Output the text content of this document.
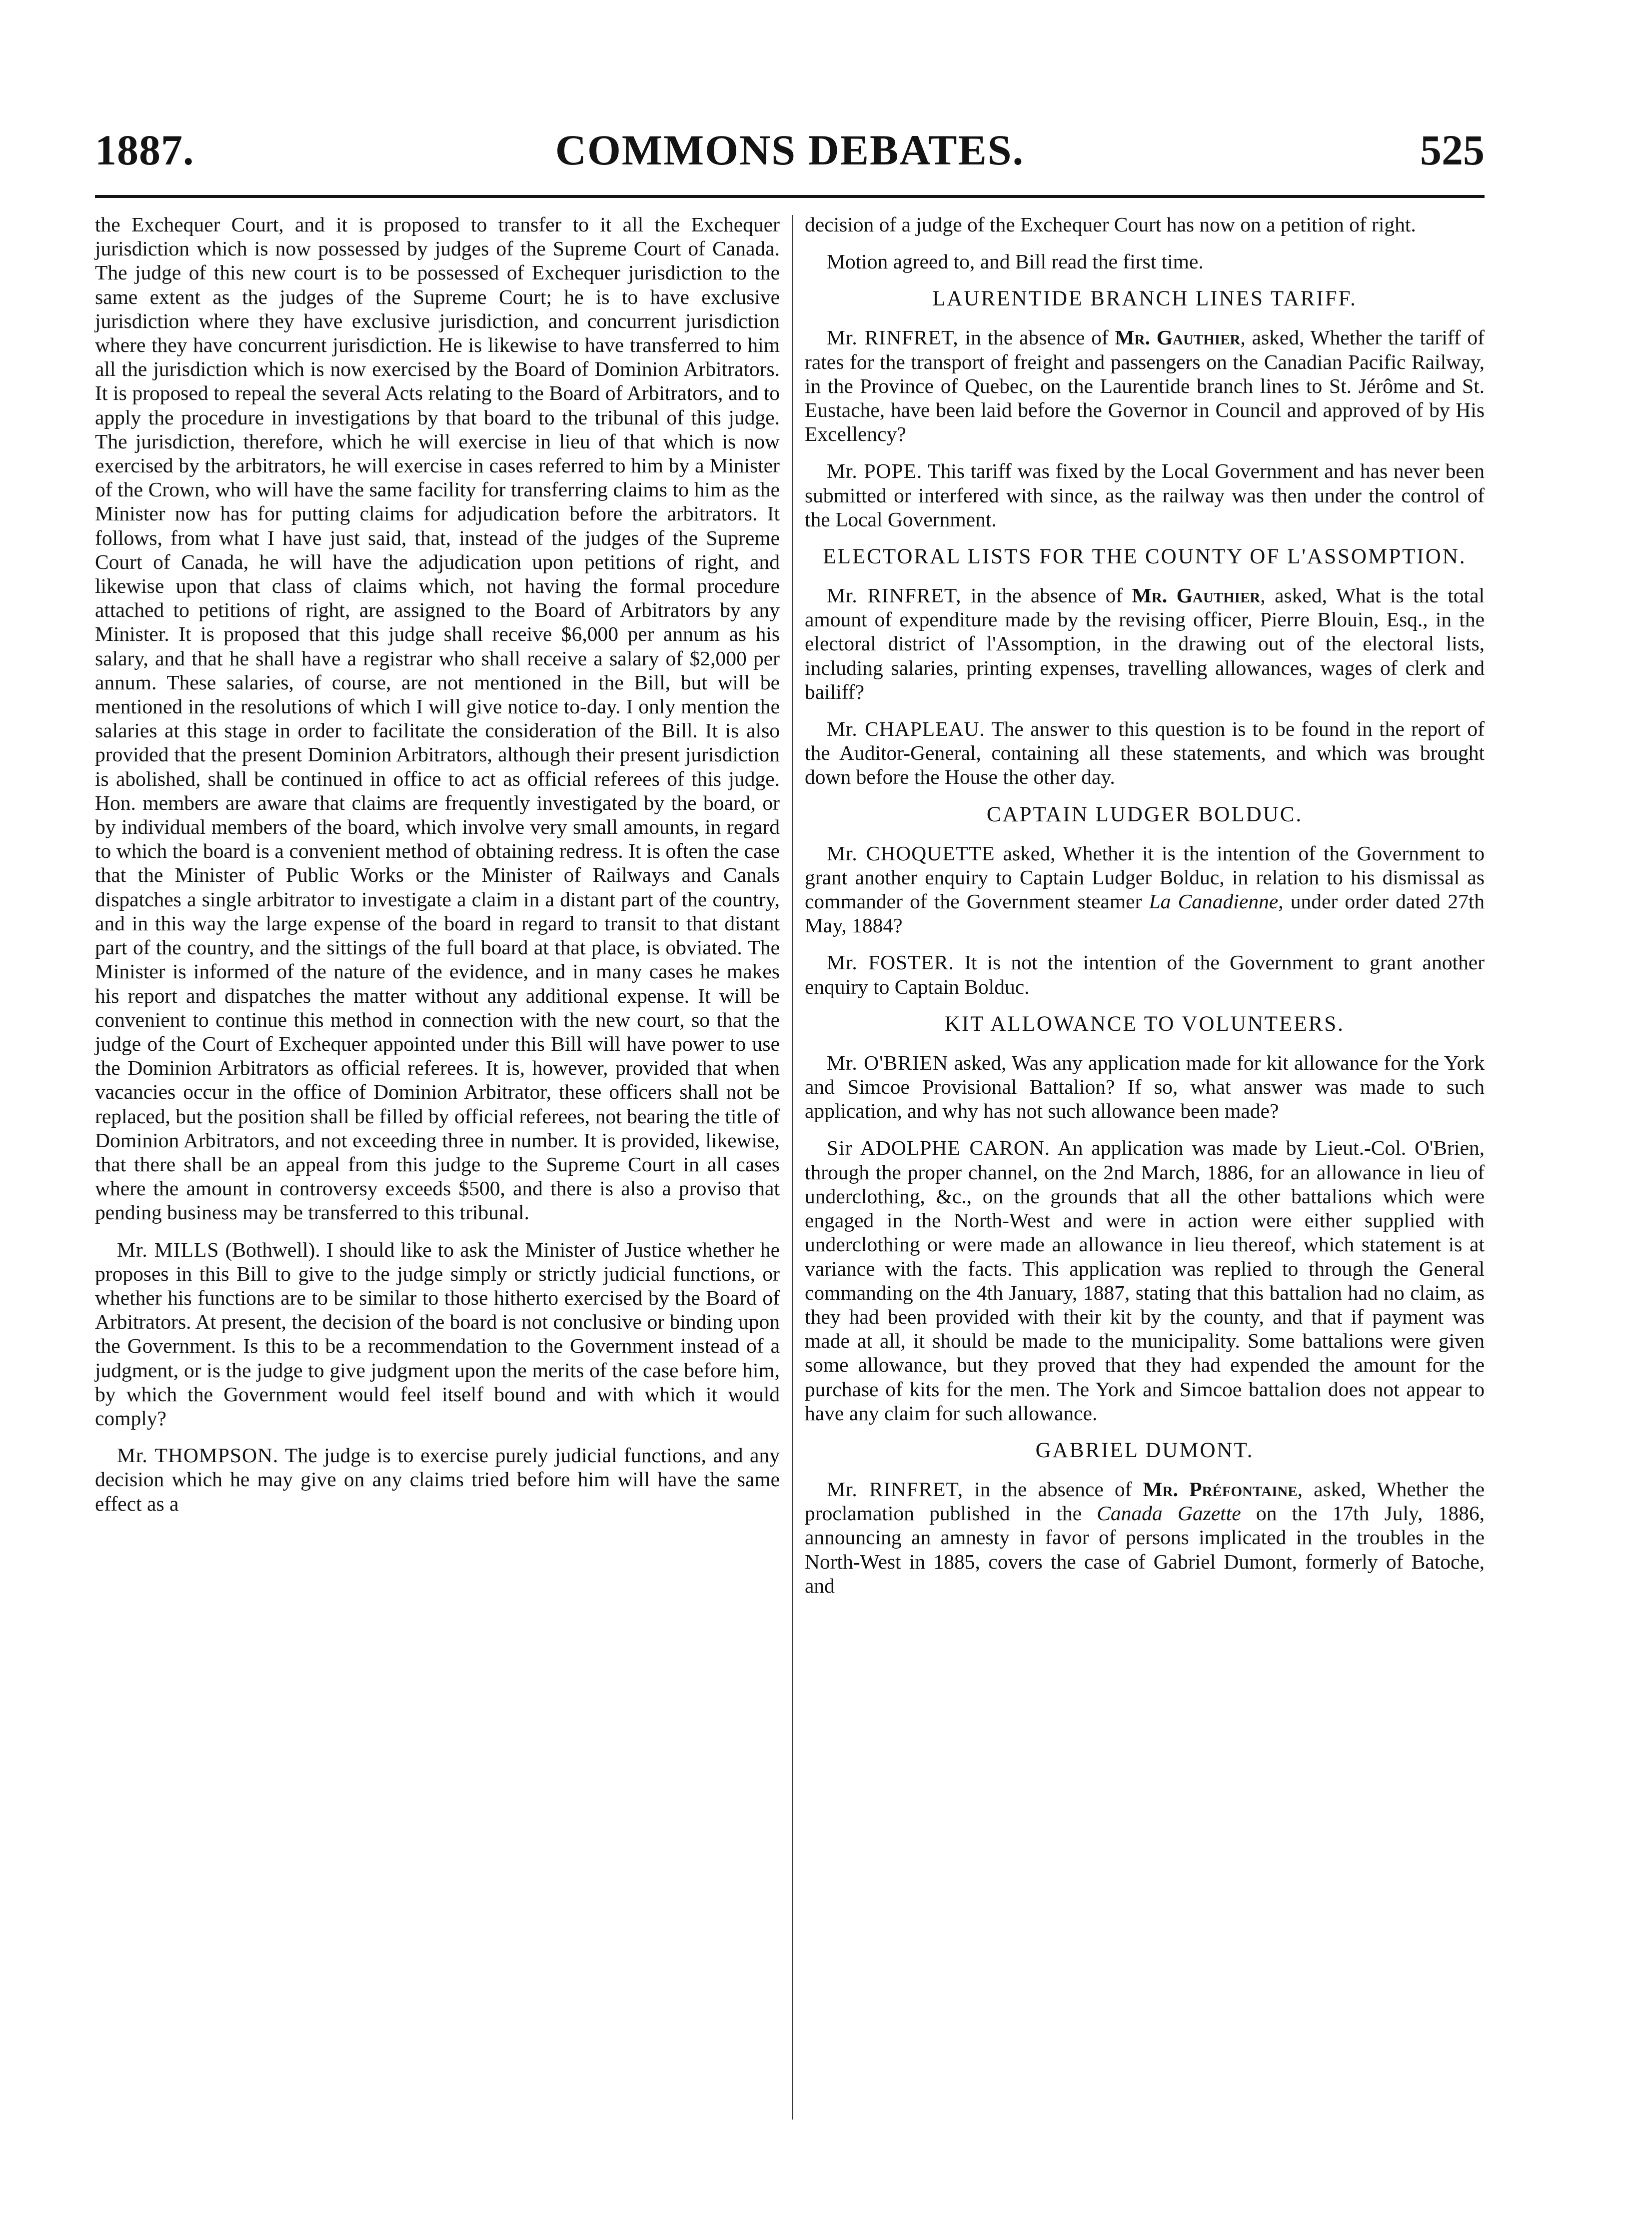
1887.	COMMONS DEBATES.	525

the Exchequer Court, and it is proposed to transfer to it all the Exchequer jurisdiction which is now possessed by judges of the Supreme Court of Canada. The judge of this new court is to be possessed of Exchequer jurisdiction to the same extent as the judges of the Supreme Court; he is to have exclusive jurisdiction where they have exclusive jurisdiction, and concurrent jurisdiction where they have concurrent jurisdiction. He is likewise to have transferred to him all the jurisdiction which is now exercised by the Board of Dominion Arbitrators. It is proposed to repeal the several Acts relating to the Board of Arbitrators, and to apply the procedure in investigations by that board to the tribunal of this judge. The jurisdiction, therefore, which he will exercise in lieu of that which is now exercised by the arbitrators, he will exercise in cases referred to him by a Minister of the Crown, who will have the same facility for transferring claims to him as the Minister now has for putting claims for adjudication before the arbitrators. It follows, from what I have just said, that, instead of the judges of the Supreme Court of Canada, he will have the adjudication upon petitions of right, and likewise upon that class of claims which, not having the formal procedure attached to petitions of right, are assigned to the Board of Arbitrators by any Minister. It is proposed that this judge shall receive $6,000 per annum as his salary, and that he shall have a registrar who shall receive a salary of $2,000 per annum. These salaries, of course, are not mentioned in the Bill, but will be mentioned in the resolutions of which I will give notice to-day. I only mention the salaries at this stage in order to facilitate the consideration of the Bill. It is also provided that the present Dominion Arbitrators, although their present jurisdiction is abolished, shall be continued in office to act as official referees of this judge. Hon. members are aware that claims are frequently investigated by the board, or by individual members of the board, which involve very small amounts, in regard to which the board is a convenient method of obtaining redress. It is often the case that the Minister of Public Works or the Minister of Railways and Canals dispatches a single arbitrator to investigate a claim in a distant part of the country, and in this way the large expense of the board in regard to transit to that distant part of the country, and the sittings of the full board at that place, is obviated. The Minister is informed of the nature of the evidence, and in many cases he makes his report and dispatches the matter without any additional expense. It will be convenient to continue this method in connection with the new court, so that the judge of the Court of Exchequer appointed under this Bill will have power to use the Dominion Arbitrators as official referees. It is, however, provided that when vacancies occur in the office of Dominion Arbitrator, these officers shall not be replaced, but the position shall be filled by official referees, not bearing the title of Dominion Arbitrators, and not exceeding three in number. It is provided, likewise, that there shall be an appeal from this judge to the Supreme Court in all cases where the amount in controversy exceeds $500, and there is also a proviso that pending business may be transferred to this tribunal.

Mr. MILLS (Bothwell). I should like to ask the Minister of Justice whether he proposes in this Bill to give to the judge simply or strictly judicial functions, or whether his functions are to be similar to those hitherto exercised by the Board of Arbitrators. At present, the decision of the board is not conclusive or binding upon the Government. Is this to be a recommendation to the Government instead of a judgment, or is the judge to give judgment upon the merits of the case before him, by which the Government would feel itself bound and with which it would comply?

Mr. THOMPSON. The judge is to exercise purely judicial functions, and any decision which he may give on any claims tried before him will have the same effect as a

decision of a judge of the Exchequer Court has now on a petition of right.

Motion agreed to, and Bill read the first time.

LAURENTIDE BRANCH LINES TARIFF.

Mr. RINFRET, in the absence of Mr. Gauthier, asked, Whether the tariff of rates for the transport of freight and passengers on the Canadian Pacific Railway, in the Province of Quebec, on the Laurentide branch lines to St. Jérôme and St. Eustache, have been laid before the Governor in Council and approved of by His Excellency?

Mr. POPE. This tariff was fixed by the Local Government and has never been submitted or interfered with since, as the railway was then under the control of the Local Government.

ELECTORAL LISTS FOR THE COUNTY OF L'ASSOMPTION.

Mr. RINFRET, in the absence of Mr. Gauthier, asked, What is the total amount of expenditure made by the revising officer, Pierre Blouin, Esq., in the electoral district of l'Assomption, in the drawing out of the electoral lists, including salaries, printing expenses, travelling allowances, wages of clerk and bailiff?

Mr. CHAPLEAU. The answer to this question is to be found in the report of the Auditor-General, containing all these statements, and which was brought down before the House the other day.

CAPTAIN LUDGER BOLDUC.

Mr. CHOQUETTE asked, Whether it is the intention of the Government to grant another enquiry to Captain Ludger Bolduc, in relation to his dismissal as commander of the Government steamer La Canadienne, under order dated 27th May, 1884?

Mr. FOSTER. It is not the intention of the Government to grant another enquiry to Captain Bolduc.

KIT ALLOWANCE TO VOLUNTEERS.

Mr. O'BRIEN asked, Was any application made for kit allowance for the York and Simcoe Provisional Battalion? If so, what answer was made to such application, and why has not such allowance been made?

Sir ADOLPHE CARON. An application was made by Lieut.-Col. O'Brien, through the proper channel, on the 2nd March, 1886, for an allowance in lieu of underclothing, &c., on the grounds that all the other battalions which were engaged in the North-West and were in action were either supplied with underclothing or were made an allowance in lieu thereof, which statement is at variance with the facts. This application was replied to through the General commanding on the 4th January, 1887, stating that this battalion had no claim, as they had been provided with their kit by the county, and that if payment was made at all, it should be made to the municipality. Some battalions were given some allowance, but they proved that they had expended the amount for the purchase of kits for the men. The York and Simcoe battalion does not appear to have any claim for such allowance.

GABRIEL DUMONT.

Mr. RINFRET, in the absence of Mr. Préfontaine, asked, Whether the proclamation published in the Canada Gazette on the 17th July, 1886, announcing an amnesty in favor of persons implicated in the troubles in the North-West in 1885, covers the case of Gabriel Dumont, formerly of Batoche, and
